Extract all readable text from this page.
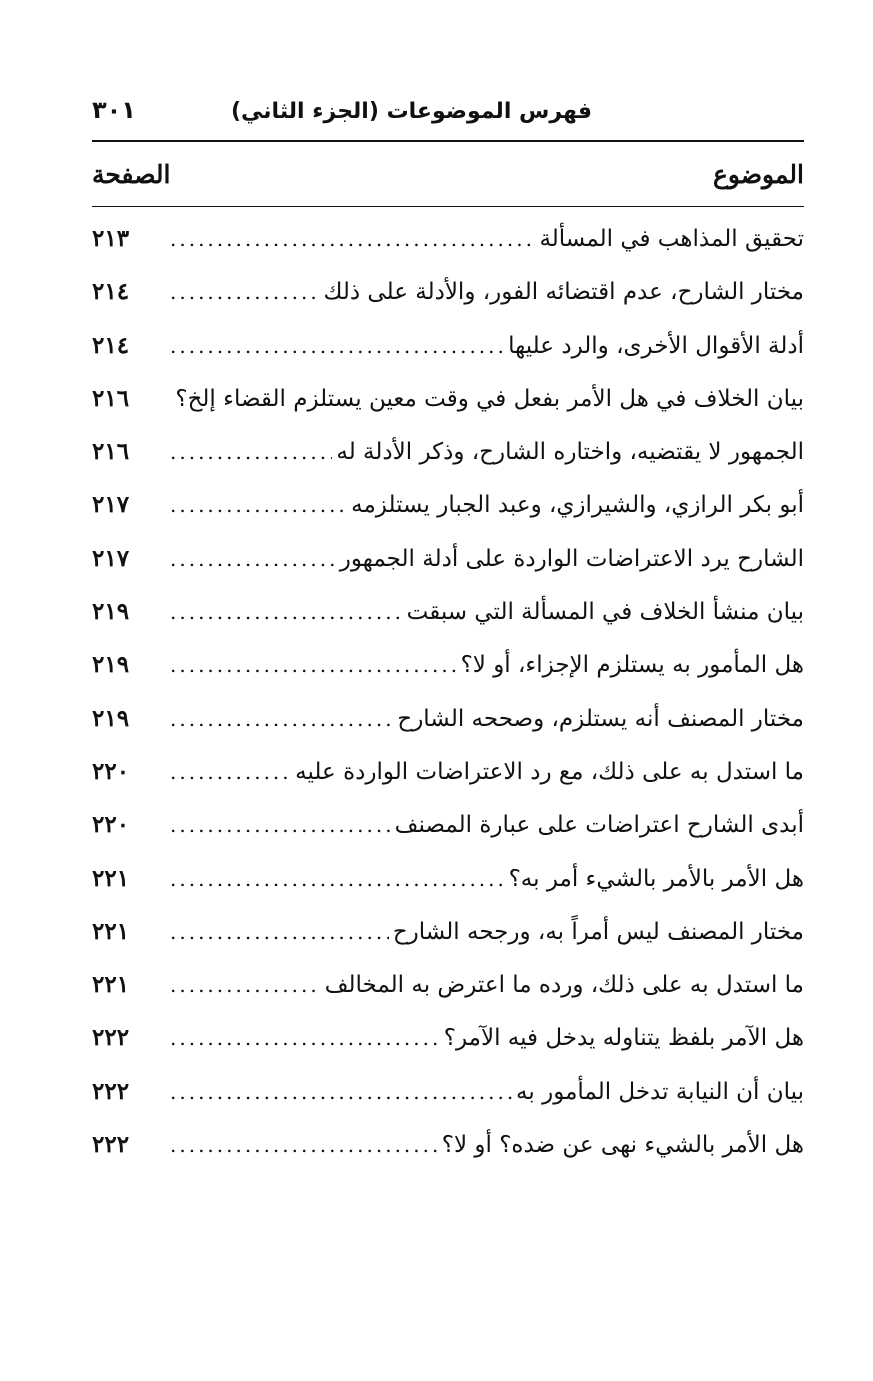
فهرس الموضوعات (الجزء الثاني)
٣٠١
الموضوع
الصفحة
تحقيق المذاهب في المسألة
.....
٢١٣
مختار الشارح، عدم اقتضائه الفور، والأدلة على ذلك
.....
٢١٤
أدلة الأقوال الأخرى، والرد عليها
.....
٢١٤
بيان الخلاف في هل الأمر بفعل في وقت معين يستلزم القضاء إلخ؟
.....
٢١٦
الجمهور لا يقتضيه، واختاره الشارح، وذكر الأدلة له
.....
٢١٦
أبو بكر الرازي، والشيرازي، وعبد الجبار يستلزمه
.....
٢١٧
الشارح يرد الاعتراضات الواردة على أدلة الجمهور
.....
٢١٧
بيان منشأ الخلاف في المسألة التي سبقت
.....
٢١٩
هل المأمور به يستلزم الإجزاء، أو لا؟
.....
٢١٩
مختار المصنف أنه يستلزم، وصححه الشارح
.....
٢١٩
ما استدل به على ذلك، مع رد الاعتراضات الواردة عليه
.....
٢٢٠
أبدى الشارح اعتراضات على عبارة المصنف
.....
٢٢٠
هل الأمر بالأمر بالشيء أمر به؟
.....
٢٢١
مختار المصنف ليس أمراً به، ورجحه الشارح
.....
٢٢١
ما استدل به على ذلك، ورده ما اعترض به المخالف
.....
٢٢١
هل الآمر بلفظ يتناوله يدخل فيه الآمر؟
.....
٢٢٢
بيان أن النيابة تدخل المأمور به
.....
٢٢٢
هل الأمر بالشيء نهى عن ضده؟ أو لا؟
.....
٢٢٢
